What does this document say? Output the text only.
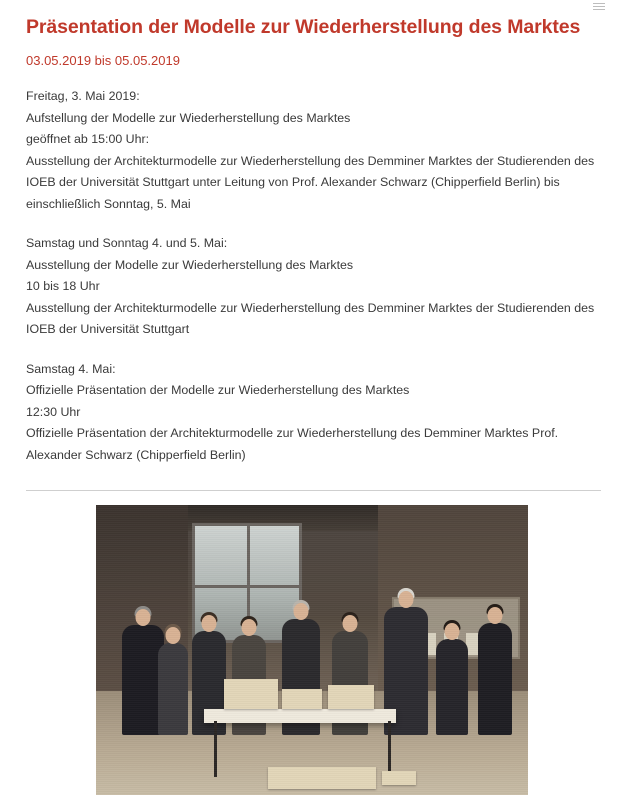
Präsentation der Modelle zur Wiederherstellung des Marktes
03.05.2019 bis 05.05.2019

Freitag, 3. Mai 2019:
Aufstellung der Modelle zur Wiederherstellung des Marktes
geöffnet ab 15:00 Uhr:
Ausstellung der Architekturmodelle zur Wiederherstellung des Demminer Marktes der Studierenden des IOEB der Universität Stuttgart unter Leitung von Prof. Alexander Schwarz (Chipperfield Berlin) bis einschließlich Sonntag, 5. Mai

Samstag und Sonntag 4. und 5. Mai:
Ausstellung der Modelle zur Wiederherstellung des Marktes
10 bis 18 Uhr
Ausstellung der Architekturmodelle zur Wiederherstellung des Demminer Marktes der Studierenden des IOEB der Universität Stuttgart

Samstag 4. Mai:
Offizielle Präsentation der Modelle zur Wiederherstellung des Marktes
12:30 Uhr
Offizielle Präsentation der Architekturmodelle zur Wiederherstellung des Demminer Marktes Prof. Alexander Schwarz (Chipperfield Berlin)
